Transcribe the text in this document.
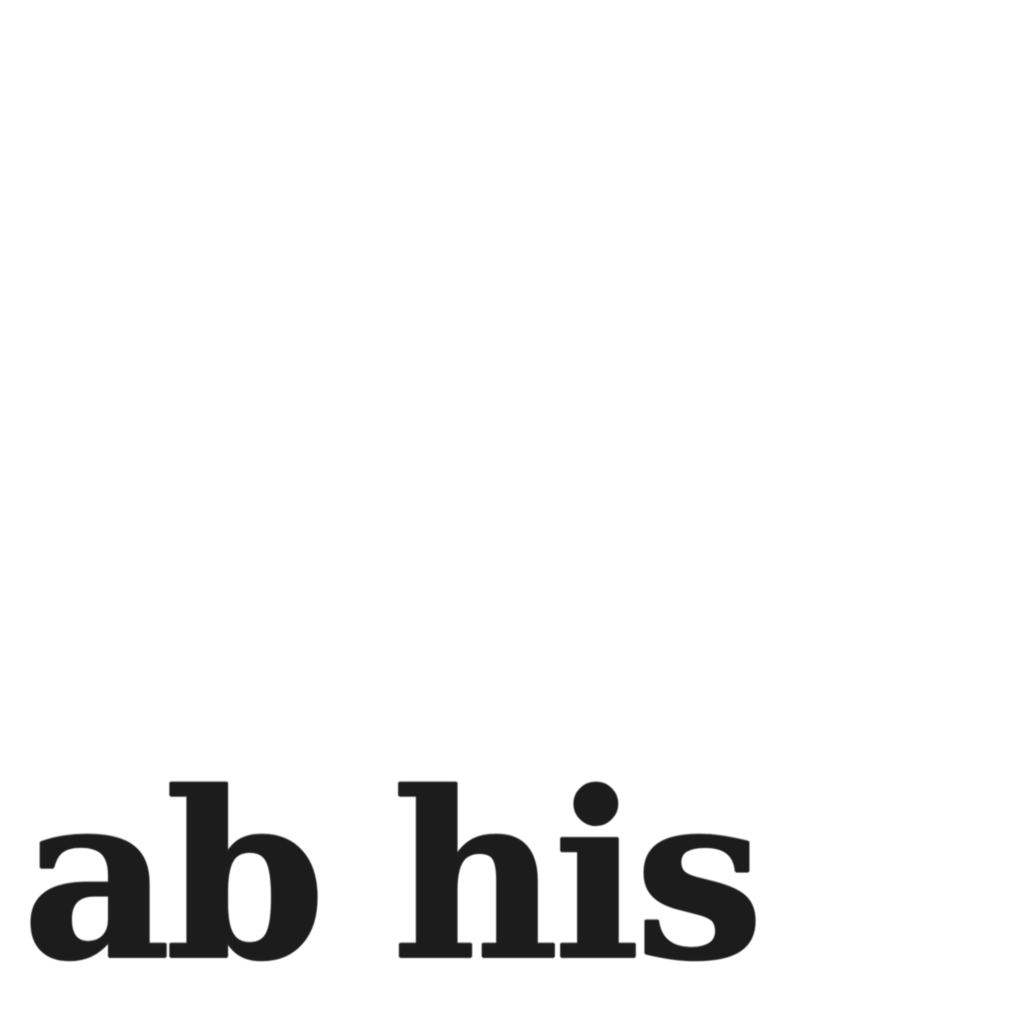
ab his
